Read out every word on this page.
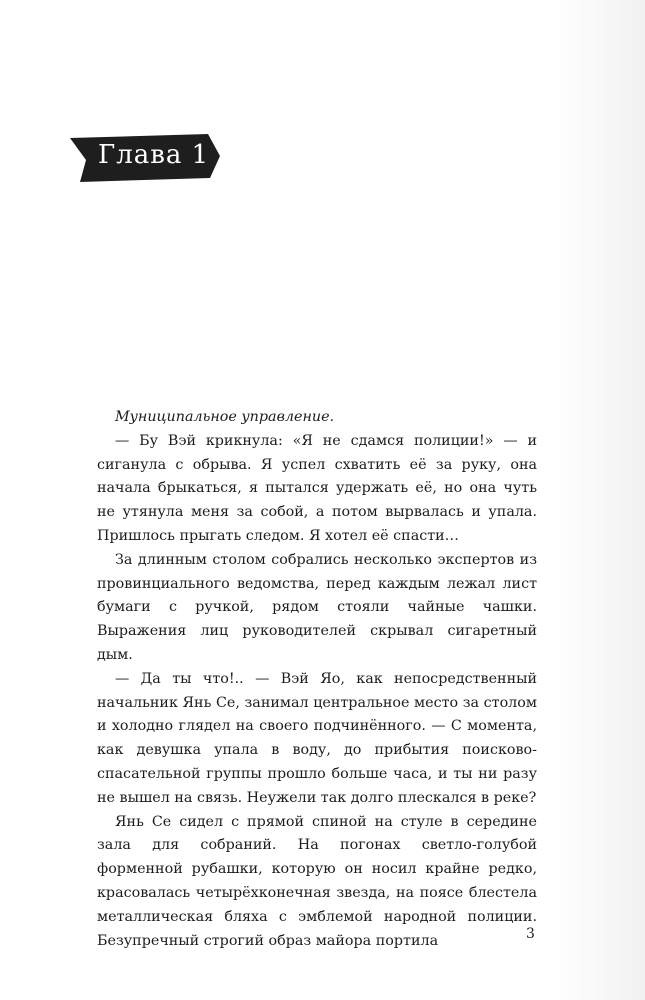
Глава 1

Муниципальное управление.

— Бу Вэй крикнула: «Я не сдамся полиции!» — и сиганула с обрыва. Я успел схватить её за руку, она начала брыкаться, я пытался удержать её, но она чуть не утянула меня за собой, а потом вырвалась и упала. Пришлось прыгать следом. Я хотел её спасти…

За длинным столом собрались несколько экспертов из провинциального ведомства, перед каждым лежал лист бумаги с ручкой, рядом стояли чайные чашки. Выражения лиц руководителей скрывал сигаретный дым.

— Да ты что!.. — Вэй Яо, как непосредственный начальник Янь Се, занимал центральное место за столом и холодно глядел на своего подчинённого. — С момента, как девушка упала в воду, до прибытия поисково-спасательной группы прошло больше часа, и ты ни разу не вышел на связь. Неужели так долго плескался в реке?

Янь Се сидел с прямой спиной на стуле в середине зала для собраний. На погонах светло-голубой форменной рубашки, которую он носил крайне редко, красовалась четырёхконечная звезда, на поясе блестела металлическая бляха с эмблемой народной полиции. Безупречный строгий образ майора портила	3
